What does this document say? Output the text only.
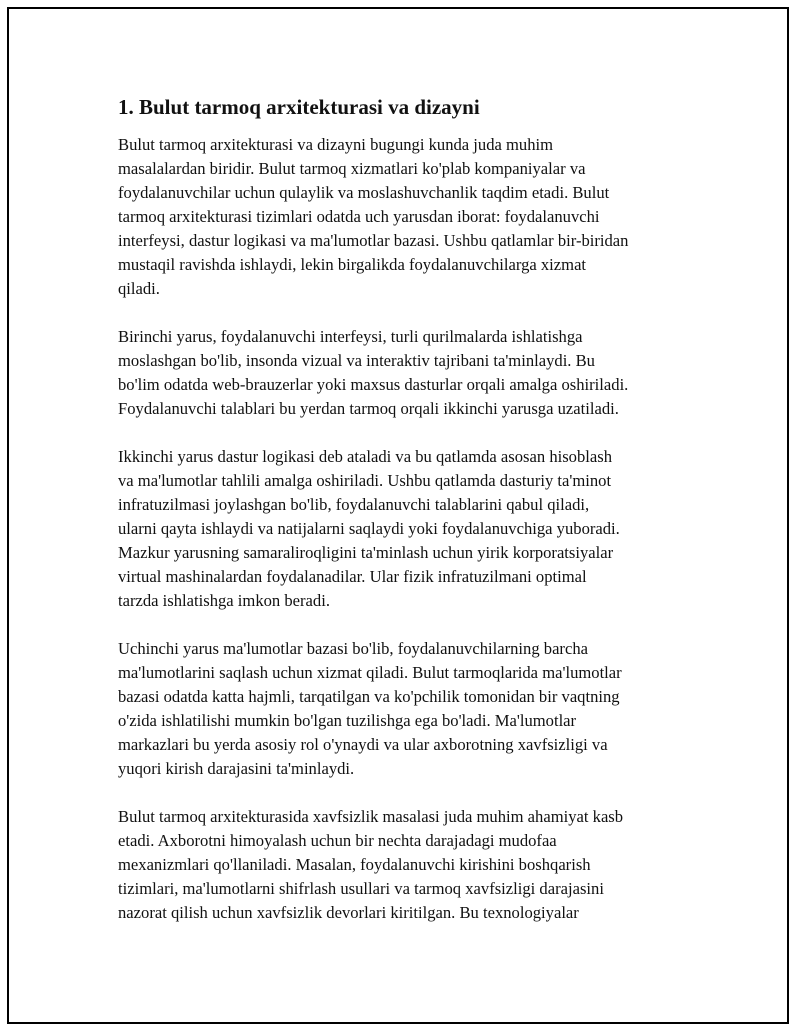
1. Bulut tarmoq arxitekturasi va dizayni

Bulut tarmoq arxitekturasi va dizayni bugungi kunda juda muhim
masalalardan biridir. Bulut tarmoq xizmatlari ko'plab kompaniyalar va
foydalanuvchilar uchun qulaylik va moslashuvchanlik taqdim etadi. Bulut
tarmoq arxitekturasi tizimlari odatda uch yarusdan iborat: foydalanuvchi
interfeysi, dastur logikasi va ma'lumotlar bazasi. Ushbu qatlamlar bir-biridan
mustaqil ravishda ishlaydi, lekin birgalikda foydalanuvchilarga xizmat
qiladi.

Birinchi yarus, foydalanuvchi interfeysi, turli qurilmalarda ishlatishga
moslashgan bo'lib, insonda vizual va interaktiv tajribani ta'minlaydi. Bu
bo'lim odatda web-brauzerlar yoki maxsus dasturlar orqali amalga oshiriladi.
Foydalanuvchi talablari bu yerdan tarmoq orqali ikkinchi yarusga uzatiladi.

Ikkinchi yarus dastur logikasi deb ataladi va bu qatlamda asosan hisoblash
va ma'lumotlar tahlili amalga oshiriladi. Ushbu qatlamda dasturiy ta'minot
infratuzilmasi joylashgan bo'lib, foydalanuvchi talablarini qabul qiladi,
ularni qayta ishlaydi va natijalarni saqlaydi yoki foydalanuvchiga yuboradi.
Mazkur yarusning samaraliroqligini ta'minlash uchun yirik korporatsiyalar
virtual mashinalardan foydalanadilar. Ular fizik infratuzilmani optimal
tarzda ishlatishga imkon beradi.

Uchinchi yarus ma'lumotlar bazasi bo'lib, foydalanuvchilarning barcha
ma'lumotlarini saqlash uchun xizmat qiladi. Bulut tarmoqlarida ma'lumotlar
bazasi odatda katta hajmli, tarqatilgan va ko'pchilik tomonidan bir vaqtning
o'zida ishlatilishi mumkin bo'lgan tuzilishga ega bo'ladi. Ma'lumotlar
markazlari bu yerda asosiy rol o'ynaydi va ular axborotning xavfsizligi va
yuqori kirish darajasini ta'minlaydi.

Bulut tarmoq arxitekturasida xavfsizlik masalasi juda muhim ahamiyat kasb
etadi. Axborotni himoyalash uchun bir nechta darajadagi mudofaa
mexanizmlari qo'llaniladi. Masalan, foydalanuvchi kirishini boshqarish
tizimlari, ma'lumotlarni shifrlash usullari va tarmoq xavfsizligi darajasini
nazorat qilish uchun xavfsizlik devorlari kiritilgan. Bu texnologiyalar
